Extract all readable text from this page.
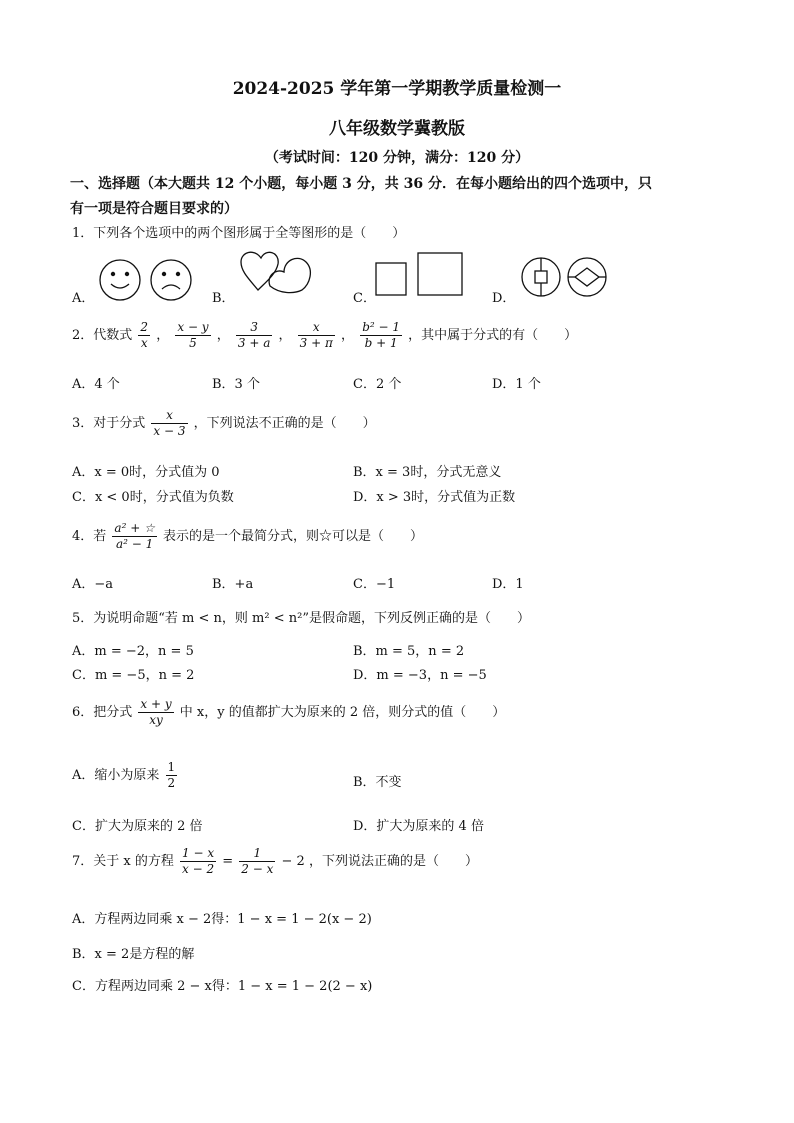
2024-2025 学年第一学期教学质量检测一
八年级数学冀教版
（考试时间：120 分钟，满分：120 分）
一、选择题（本大题共 12 个小题，每小题 3 分，共 36 分．在每小题给出的四个选项中，只
有一项是符合题目要求的）
1．下列各个选项中的两个图形属于全等图形的是（　　）
A．	B．	C．	D．
2．代数式 $\frac{2}{x}$ ， $\frac{x - y}{5}$ ， $\frac{3}{3 + a}$ ， $\frac{x}{3 + \pi}$ ， $\frac{\text{b² − 1}}{b + 1}$ ，其中属于分式的有（　　）
A．4 个	B．3 个	C．2 个	D．1 个
3．对于分式 $\frac{x}{x - 3}$ ，下列说法不正确的是（　　）
A．x = 0时，分式值为 0	B．x = 3时，分式无意义
C．x < 0时，分式值为负数	D．x > 3时，分式值为正数
4．若 $\frac{\text{a² + ☆}}{\text{a² − 1}}$ 表示的是一个最简分式，则☆可以是（　　）
A．−a	B．+a	C．−1	D．1
5．为说明命题“若 m < n，则 m² < n²”是假命题，下列反例正确的是（　　）
A．m = −2，n = 5	B．m = 5，n = 2
C．m = −5，n = 2	D．m = −3，n = −5
6．把分式 $\frac{x + y}{xy}$ 中 x，y 的值都扩大为原来的 2 倍，则分式的值（　　）
A．缩小为原来 $\frac{1}{2}$	B．不变
C．扩大为原来的 2 倍	D．扩大为原来的 4 倍
7．关于 x 的方程 $\frac{1 - x}{x - 2} = \frac{1}{2 - x} - 2$ ，下列说法正确的是（　　）
A．方程两边同乘 x − 2得：1 − x = 1 − 2(x − 2)
B．x = 2是方程的解
C．方程两边同乘 2 − x得：1 − x = 1 − 2(2 − x)
